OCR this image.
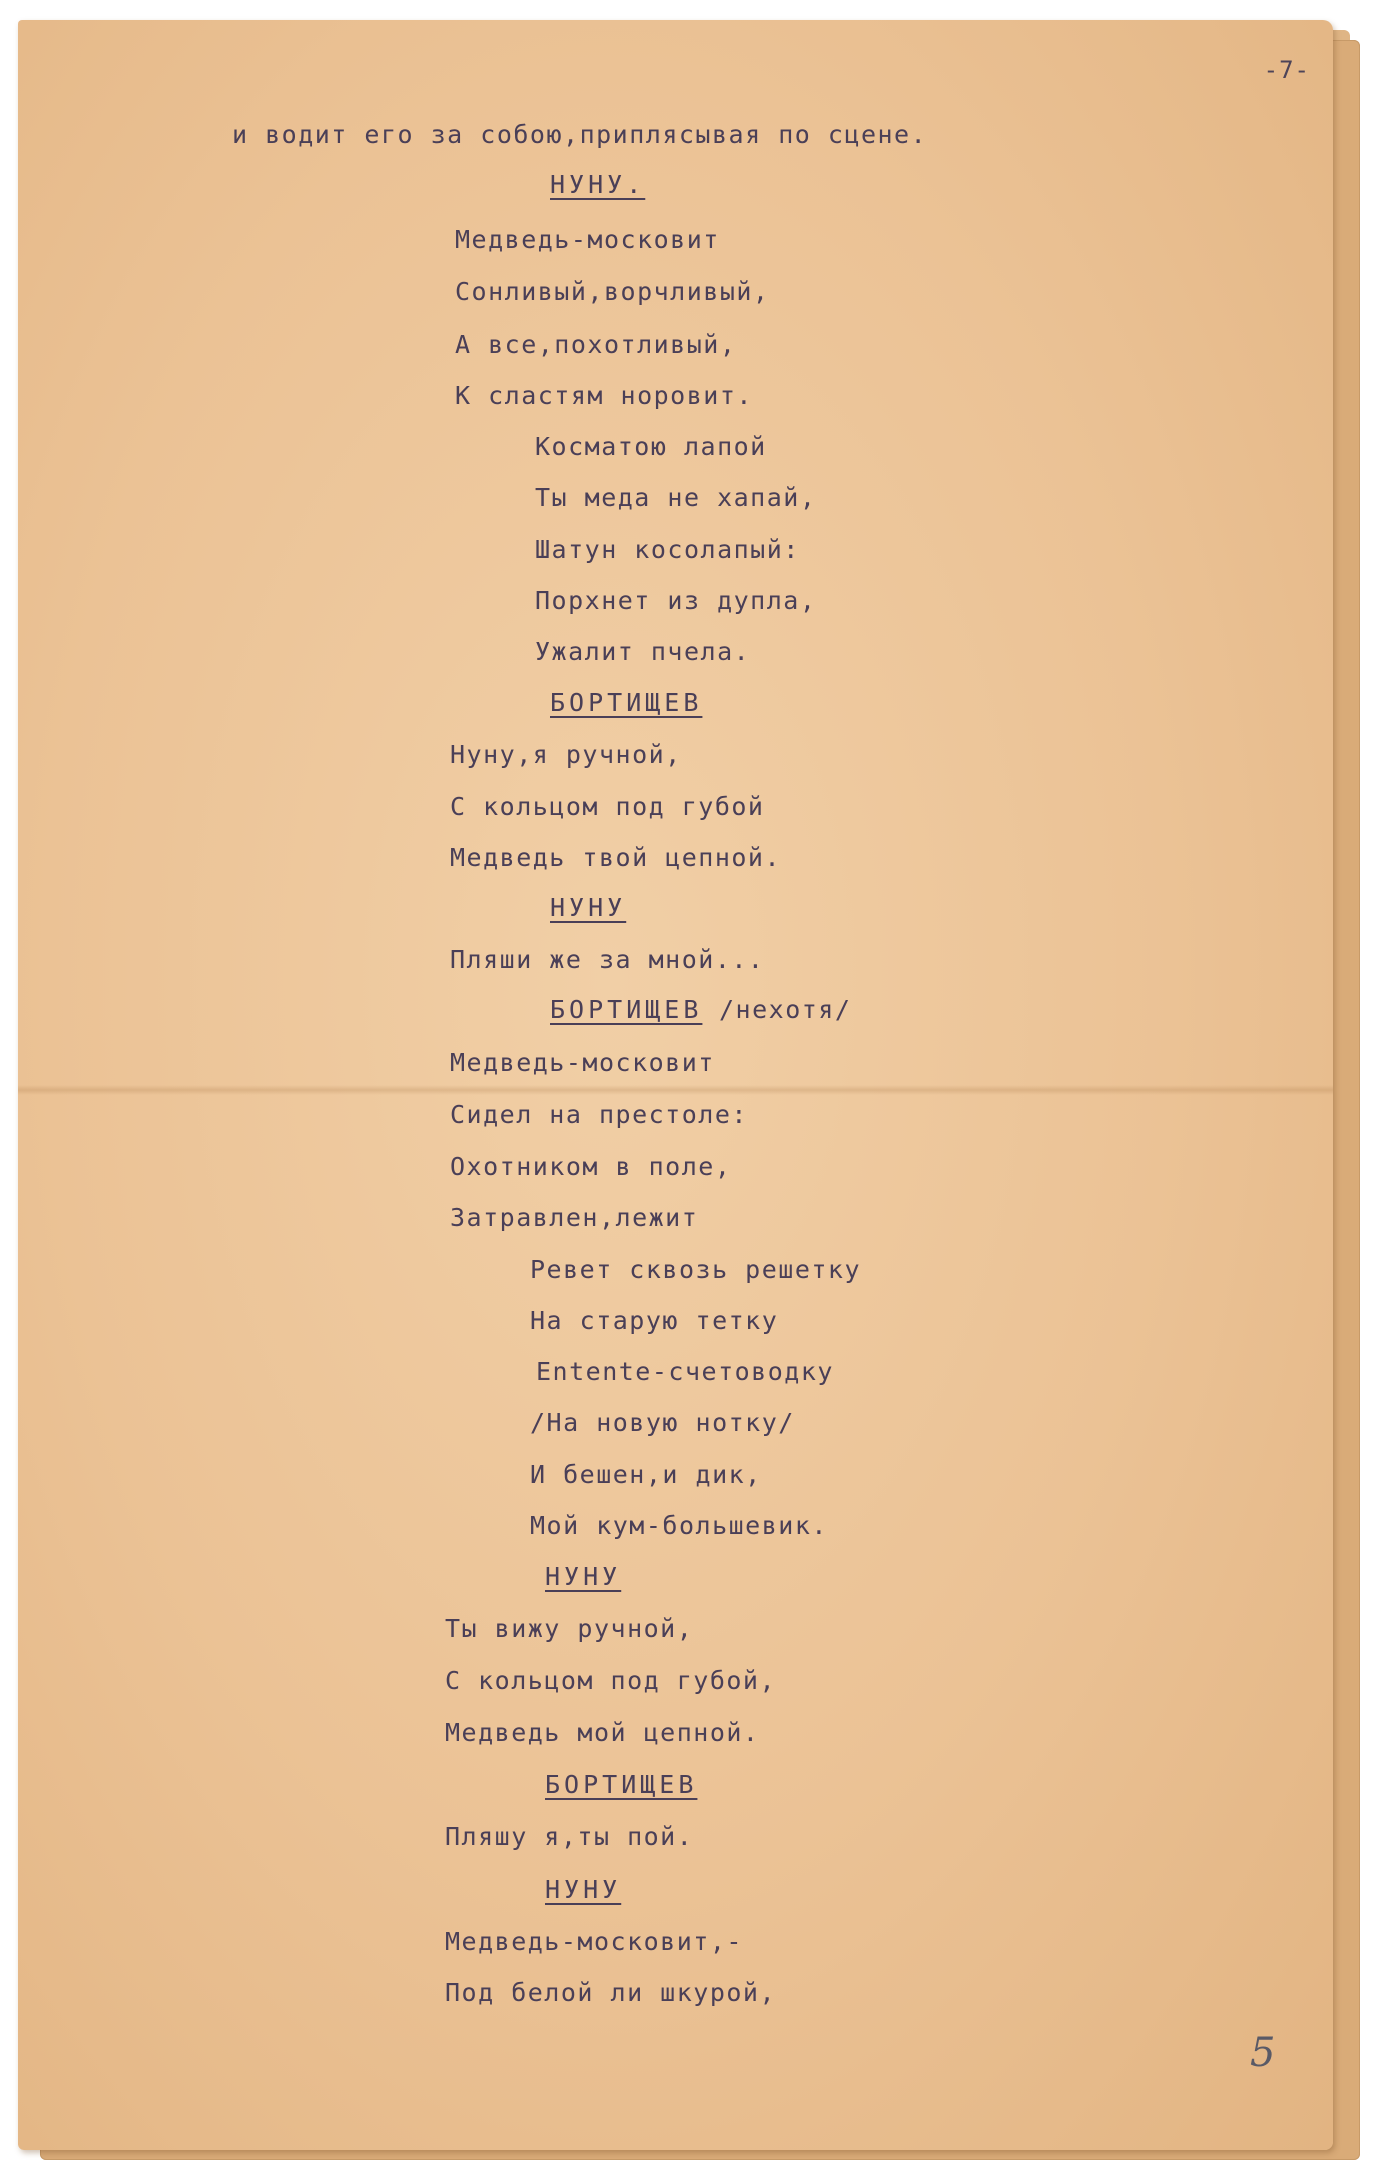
-7-
и водит его за собою,приплясывая по сцене.
НУНУ.
Медведь-московит
Сонливый,ворчливый,
А все,похотливый,
К сластям норовит.
Косматою лапой
Ты меда не хапай,
Шатун косолапый:
Порхнет из дупла,
Ужалит пчела.
БОРТИЩЕВ
Нуну,я ручной,
С кольцом под губой
Медведь твой цепной.
НУНУ
Пляши же за мной...
БОРТИЩЕВ /нехотя/
Медведь-московит
Сидел на престоле:
Охотником в поле,
Затравлен,лежит
Ревет сквозь решетку
На старую тетку
Entente-счетоводку
/На новую нотку/
И бешен,и дик,
Мой кум-большевик.
НУНУ
Ты вижу ручной,
С кольцом под губой,
Медведь мой цепной.
БОРТИЩЕВ
Пляшу я,ты пой.
НУНУ
Медведь-московит,-
Под белой ли шкурой,
5
